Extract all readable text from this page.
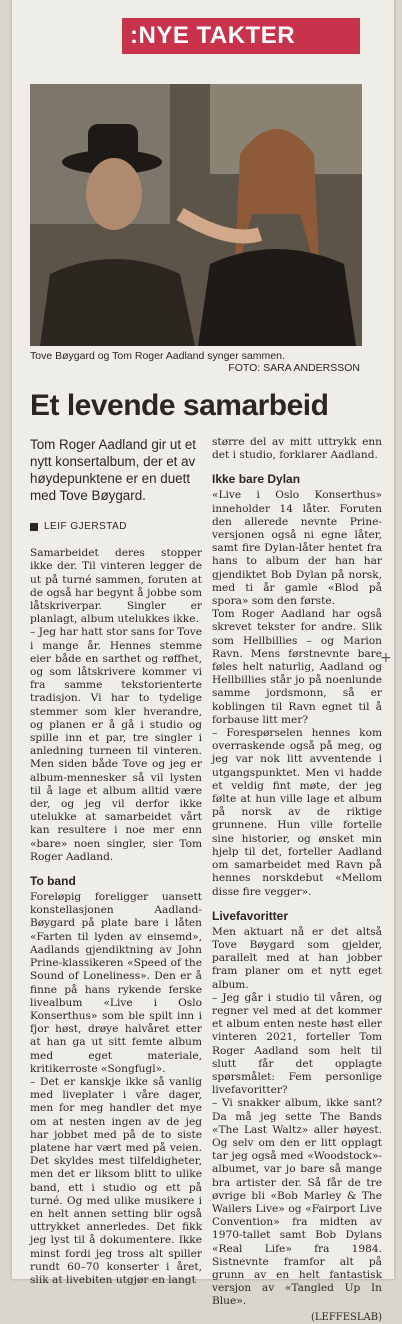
:NYE TAKTER
Tove Bøygard og Tom Roger Aadland synger sammen.
FOTO: SARA ANDERSSON
Et levende samarbeid

Tom Roger Aadland gir ut et nytt konsertalbum, der et av høydepunktene er en duett med Tove Bøygard.

LEIF GJERSTAD

Samarbeidet deres stopper ikke der. Til vinteren legger de ut på turné sammen, foruten at de også har begynt å jobbe som låtskriverpar. Singler er planlagt, album utelukkes ikke.

– Jeg har hatt stor sans for Tove i mange år. Hennes stemme eier både en sarthet og røffhet, og som låtskrivere kommer vi fra samme tekstorienterte tradisjon. Vi har to tydelige stemmer som kler hverandre, og planen er å gå i studio og spille inn et par, tre singler i anledning turneen til vinteren. Men siden både Tove og jeg er album-mennesker så vil lysten til å lage et album alltid være der, og jeg vil derfor ikke utelukke at samarbeidet vårt kan resultere i noe mer enn «bare» noen singler, sier Tom Roger Aadland.

To band

Foreløpig foreligger uansett konstellasjonen Aadland-Bøygard på plate bare i låten «Farten til lyden av einsemd», Aadlands gjendiktning av John Prine-klassikeren «Speed of the Sound of Loneliness». Den er å finne på hans rykende ferske livealbum «Live i Oslo Konserthus» som ble spilt inn i fjor høst, drøye halvåret etter at han ga ut sitt femte album med eget materiale, kritikerroste «Songfugl».

– Det er kanskje ikke så vanlig med liveplater i våre dager, men for meg handler det mye om at nesten ingen av de jeg har jobbet med på de to siste platene har vært med på veien. Det skyldes mest tilfeldigheter, men det er liksom blitt to ulike band, ett i studio og ett på turné. Og med ulike musikere i en helt annen setting blir også uttrykket annerledes. Det fikk jeg lyst til å dokumentere. Ikke minst fordi jeg tross alt spiller rundt 60–70 konserter i året, slik at livebiten utgjør en langt

større del av mitt uttrykk enn det i studio, forklarer Aadland.

Ikke bare Dylan

«Live i Oslo Konserthus» inneholder 14 låter. Foruten den allerede nevnte Prine-versjonen også ni egne låter, samt fire Dylan-låter hentet fra hans to album der han har gjendiktet Bob Dylan på norsk, med ti år gamle «Blod på spora» som den første.

Tom Roger Aadland har også skrevet tekster for andre. Slik som Hellbillies – og Marion Ravn. Mens førstnevnte bare føles helt naturlig, Aadland og Hellbillies står jo på noenlunde samme jordsmonn, så er koblingen til Ravn egnet til å forbause litt mer?

– Forespørselen hennes kom overraskende også på meg, og jeg var nok litt avventende i utgangspunktet. Men vi hadde et veldig fint møte, der jeg følte at hun ville lage et album på norsk av de riktige grunnene. Hun ville fortelle sine historier, og ønsket min hjelp til det, forteller Aadland om samarbeidet med Ravn på hennes norskdebut «Mellom disse fire vegger».

Livefavoritter

Men aktuart nå er det altså Tove Bøygard som gjelder, parallelt med at han jobber fram planer om et nytt eget album.

– Jeg går i studio til våren, og regner vel med at det kommer et album enten neste høst eller vinteren 2021, forteller Tom Roger Aadland som helt til slutt får det opplagte spørsmålet: Fem personlige livefavoritter?

– Vi snakker album, ikke sant? Da må jeg sette The Bands «The Last Waltz» aller høyest. Og selv om den er litt opplagt tar jeg også med «Woodstock»-albumet, var jo bare så mange bra artister der. Så får de tre øvrige bli «Bob Marley & The Wailers Live» og «Fairport Live Convention» fra midten av 1970-tallet samt Bob Dylans «Real Life» fra 1984. Sistnevnte framfor alt på grunn av en helt fantastisk versjon av «Tangled Up In Blue».

(LEFFESLAB)
+
